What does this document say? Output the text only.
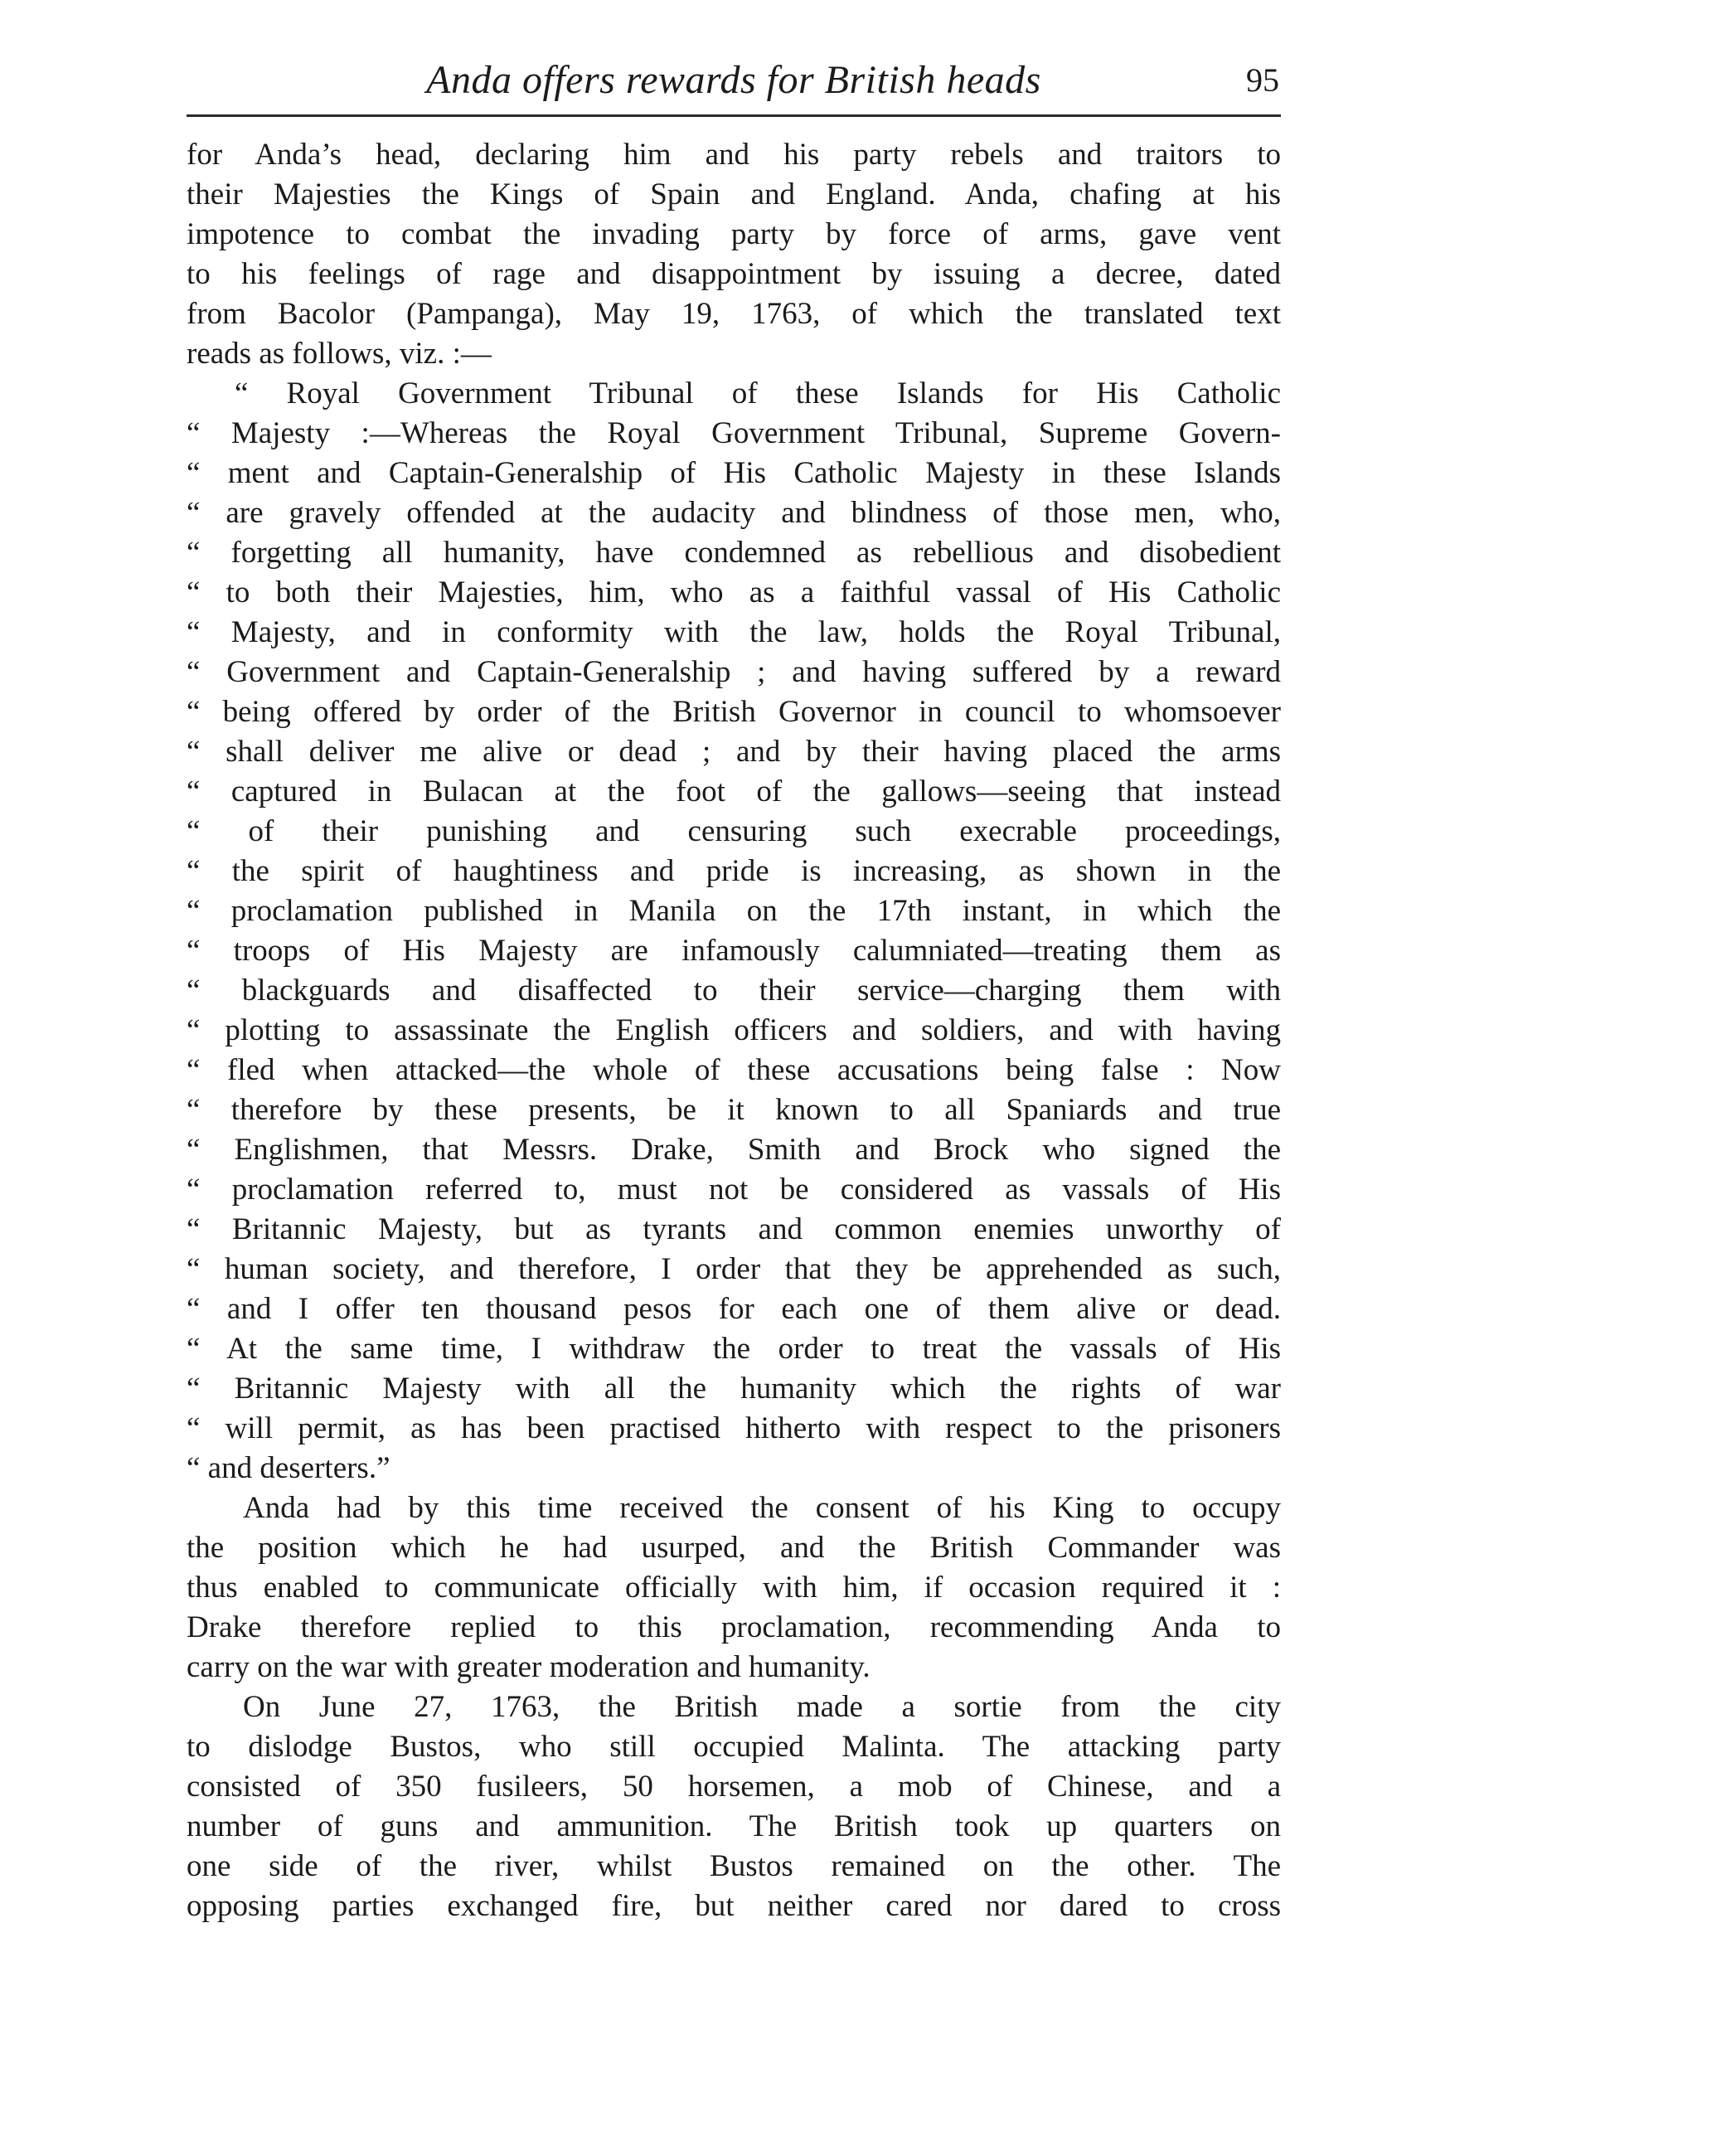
Anda offers rewards for British heads	95
for Anda’s head, declaring him and his party rebels and traitors to
their Majesties the Kings of Spain and England. Anda, chafing at his
impotence to combat the invading party by force of arms, gave vent
to his feelings of rage and disappointment by issuing a decree, dated
from Bacolor (Pampanga), May 19, 1763, of which the translated text
reads as follows, viz. :—
“ Royal Government Tribunal of these Islands for His Catholic
“ Majesty :—Whereas the Royal Government Tribunal, Supreme Govern-
“ ment and Captain-Generalship of His Catholic Majesty in these Islands
“ are gravely offended at the audacity and blindness of those men, who,
“ forgetting all humanity, have condemned as rebellious and disobedient
“ to both their Majesties, him, who as a faithful vassal of His Catholic
“ Majesty, and in conformity with the law, holds the Royal Tribunal,
“ Government and Captain-Generalship ; and having suffered by a reward
“ being offered by order of the British Governor in council to whomsoever
“ shall deliver me alive or dead ; and by their having placed the arms
“ captured in Bulacan at the foot of the gallows—seeing that instead
“ of their punishing and censuring such execrable proceedings,
“ the spirit of haughtiness and pride is increasing, as shown in the
“ proclamation published in Manila on the 17th instant, in which the
“ troops of His Majesty are infamously calumniated—treating them as
“ blackguards and disaffected to their service—charging them with
“ plotting to assassinate the English officers and soldiers, and with having
“ fled when attacked—the whole of these accusations being false : Now
“ therefore by these presents, be it known to all Spaniards and true
“ Englishmen, that Messrs. Drake, Smith and Brock who signed the
“ proclamation referred to, must not be considered as vassals of His
“ Britannic Majesty, but as tyrants and common enemies unworthy of
“ human society, and therefore, I order that they be apprehended as such,
“ and I offer ten thousand pesos for each one of them alive or dead.
“ At the same time, I withdraw the order to treat the vassals of His
“ Britannic Majesty with all the humanity which the rights of war
“ will permit, as has been practised hitherto with respect to the prisoners
“ and deserters.”
Anda had by this time received the consent of his King to occupy
the position which he had usurped, and the British Commander was
thus enabled to communicate officially with him, if occasion required it :
Drake therefore replied to this proclamation, recommending Anda to
carry on the war with greater moderation and humanity.
On June 27, 1763, the British made a sortie from the city
to dislodge Bustos, who still occupied Malinta. The attacking party
consisted of 350 fusileers, 50 horsemen, a mob of Chinese, and a
number of guns and ammunition. The British took up quarters on
one side of the river, whilst Bustos remained on the other. The
opposing parties exchanged fire, but neither cared nor dared to cross
